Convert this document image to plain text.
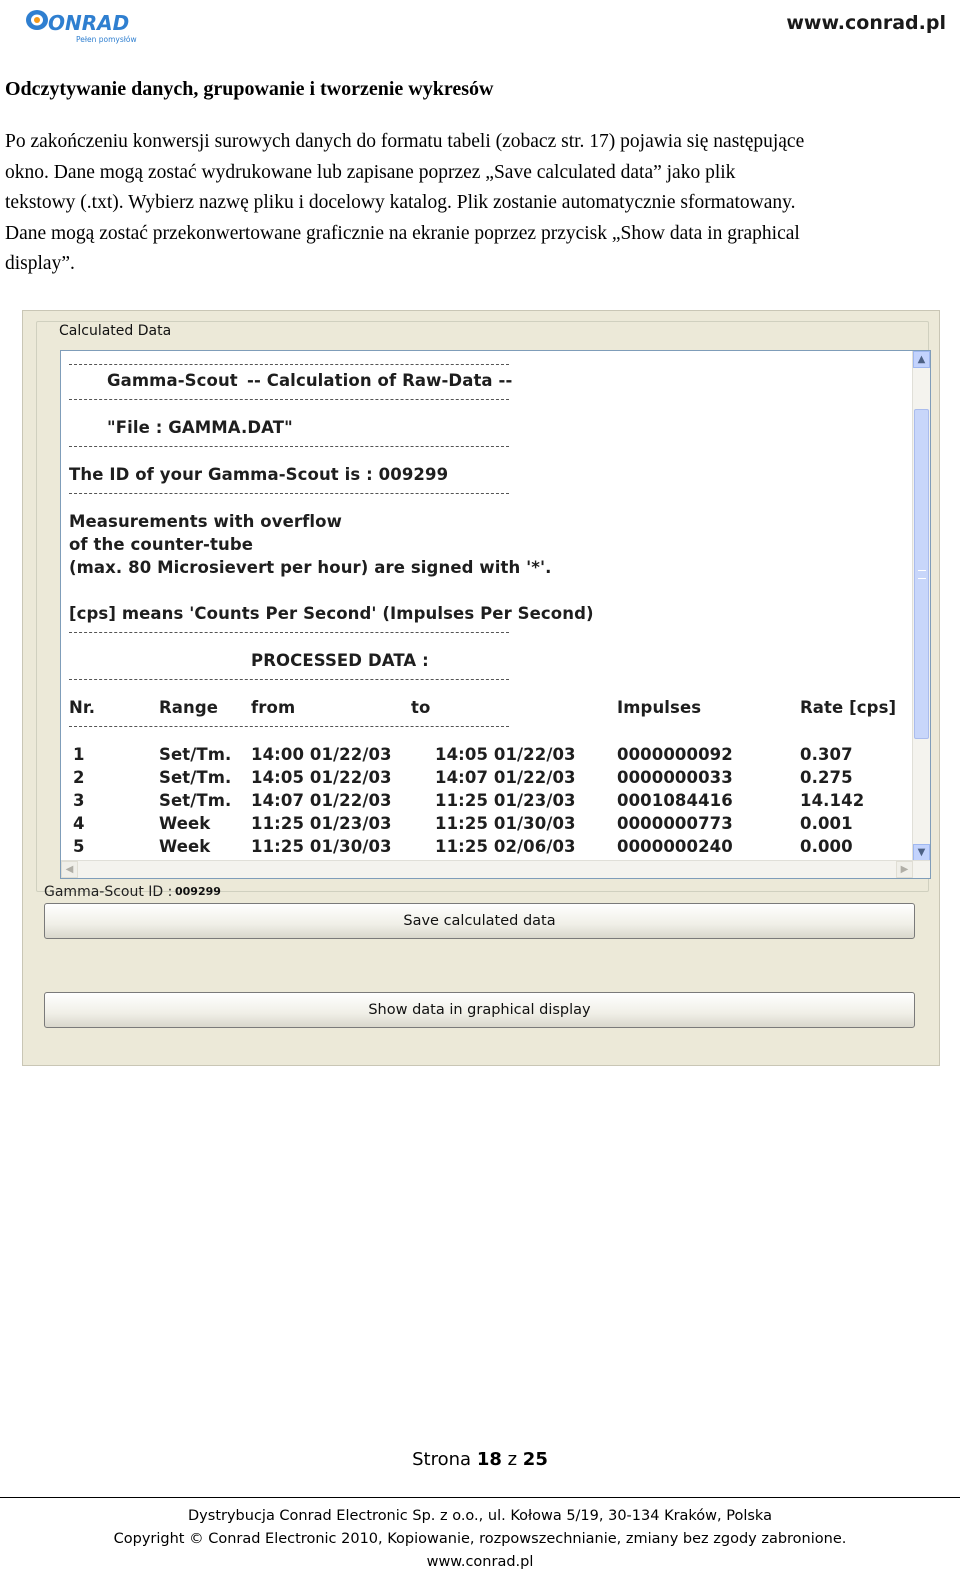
ONRAD
Pełen pomysłów
www.conrad.pl
Odczytywanie danych, grupowanie i tworzenie wykresów

Po zakończeniu konwersji surowych danych do formatu tabeli (zobacz str. 17) pojawia się następujące

okno. Dane mogą zostać wydrukowane lub zapisane poprzez „Save calculated data” jako plik

tekstowy (.txt). Wybierz nazwę pliku i docelowy katalog. Plik zostanie automatycznie sformatowany.

Dane mogą zostać przekonwertowane graficznie na ekranie poprzez przycisk „Show data in graphical

display”.

Calculated Data
Gamma-Scout -- Calculation of Raw-Data --
"File : GAMMA.DAT"
The ID of your Gamma-Scout is : 009299
Measurements with overflow
of the counter-tube
(max. 80 Microsievert per hour) are signed with '*'.
[cps] means 'Counts Per Second' (Impulses Per Second)
PROCESSED DATA :
Nr.	Range from	to	Impulses	Rate [cps]
1	Set/Tm. 14:00 01/22/03	14:05 01/22/03	0000000092	0.307
2	Set/Tm. 14:05 01/22/03	14:07 01/22/03	0000000033	0.275
3	Set/Tm. 14:07 01/22/03	11:25 01/23/03	0001084416	14.142
4	Week 11:25 01/23/03	11:25 01/30/03	0000000773	0.001
5	Week 11:25 01/30/03	11:25 02/06/03	0000000240	0.000
▲
▼
◀	▶
Gamma-Scout ID : 009299
Save calculated data
Show data in graphical display
Strona 18 z 25
Dystrybucja Conrad Electronic Sp. z o.o., ul. Kołowa 5/19, 30-134 Kraków, Polska
Copyright © Conrad Electronic 2010, Kopiowanie, rozpowszechnianie, zmiany bez zgody zabronione.
www.conrad.pl
